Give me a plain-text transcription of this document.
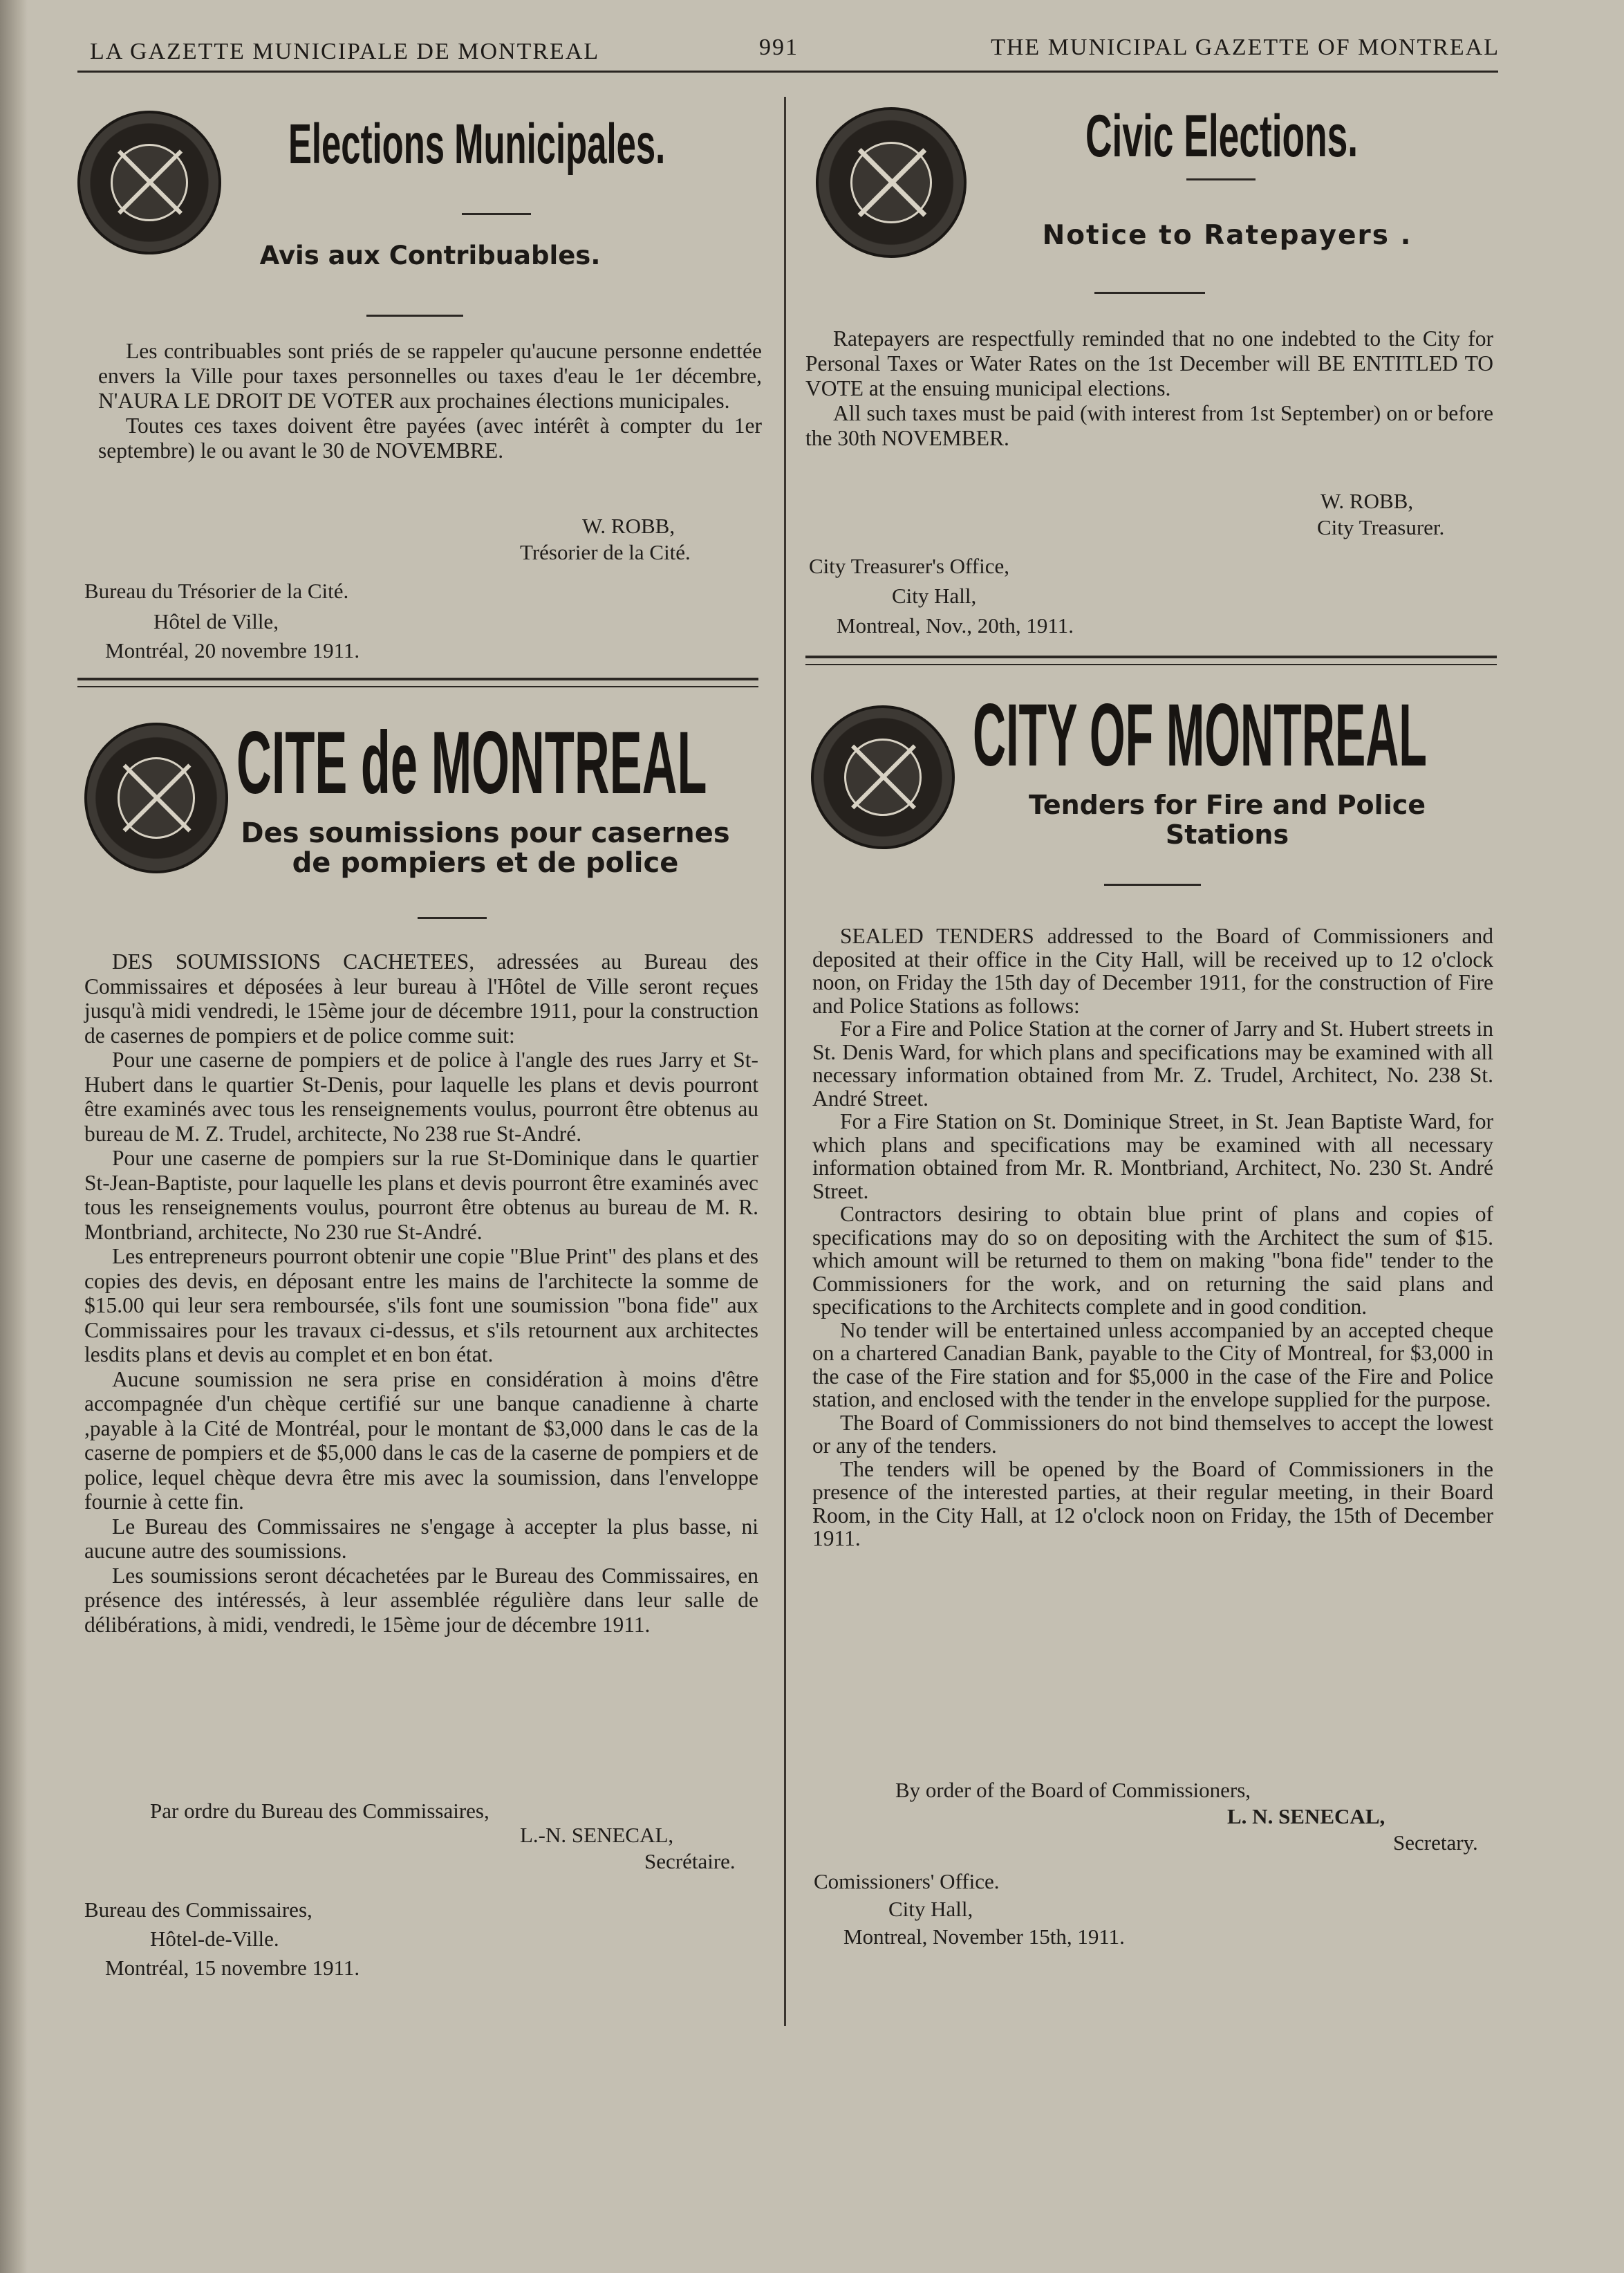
LA GAZETTE MUNICIPALE DE MONTREAL	991	THE MUNICIPAL GAZETTE OF MONTREAL
Elections Municipales.
Avis aux Contribuables.

Les contribuables sont priés de se rappeler qu'aucune personne endettée envers la Ville pour taxes personnelles ou taxes d'eau le 1er décembre, N'AURA LE DROIT DE VOTER aux prochaines élections municipales.

Toutes ces taxes doivent être payées (avec intérêt à compter du 1er septembre) le ou avant le 30 de NOVEMBRE.

W. ROBB,
Trésorier de la Cité.
Bureau du Trésorier de la Cité.
Hôtel de Ville,
Montréal, 20 novembre 1911.
Civic Elections.
Notice to Ratepayers .

Ratepayers are respectfully reminded that no one indebted to the City for Personal Taxes or Water Rates on the 1st December will BE ENTITLED TO VOTE at the ensuing municipal elections.

All such taxes must be paid (with interest from 1st September) on or before the 30th NOVEMBER.

W. ROBB,
City Treasurer.
City Treasurer's Office,
City Hall,
Montreal, Nov., 20th, 1911.
CITE de MONTREAL
Des soumissions pour casernes
de pompiers et de police

DES SOUMISSIONS CACHETEES, adressées au Bureau des Commissaires et déposées à leur bureau à l'Hôtel de Ville seront reçues jusqu'à midi vendredi, le 15ème jour de décembre 1911, pour la construction de casernes de pompiers et de police comme suit:

Pour une caserne de pompiers et de police à l'angle des rues Jarry et St-Hubert dans le quartier St-Denis, pour laquelle les plans et devis pourront être examinés avec tous les renseignements voulus, pourront être obtenus au bureau de M. Z. Trudel, architecte, No 238 rue St-André.

Pour une caserne de pompiers sur la rue St-Dominique dans le quartier St-Jean-Baptiste, pour laquelle les plans et devis pourront être examinés avec tous les renseignements voulus, pourront être obtenus au bureau de M. R. Montbriand, architecte, No 230 rue St-André.

Les entrepreneurs pourront obtenir une copie "Blue Print" des plans et des copies des devis, en déposant entre les mains de l'architecte la somme de $15.00 qui leur sera remboursée, s'ils font une soumission "bona fide" aux Commissaires pour les travaux ci-dessus, et s'ils retournent aux architectes lesdits plans et devis au complet et en bon état.

Aucune soumission ne sera prise en considération à moins d'être accompagnée d'un chèque certifié sur une banque canadienne à charte ,payable à la Cité de Montréal, pour le montant de $3,000 dans le cas de la caserne de pompiers et de $5,000 dans le cas de la caserne de pompiers et de police, lequel chèque devra être mis avec la soumission, dans l'enveloppe fournie à cette fin.

Le Bureau des Commissaires ne s'engage à accepter la plus basse, ni aucune autre des soumissions.

Les soumissions seront décachetées par le Bureau des Commissaires, en présence des intéressés, à leur assemblée régulière dans leur salle de délibérations, à midi, vendredi, le 15ème jour de décembre 1911.

Par ordre du Bureau des Commissaires,
L.-N. SENECAL,
Secrétaire.
Bureau des Commissaires,
Hôtel-de-Ville.
Montréal, 15 novembre 1911.
CITY OF MONTREAL
Tenders for Fire and Police
Stations

SEALED TENDERS addressed to the Board of Commissioners and deposited at their office in the City Hall, will be received up to 12 o'clock noon, on Friday the 15th day of December 1911, for the construction of Fire and Police Stations as follows:

For a Fire and Police Station at the corner of Jarry and St. Hubert streets in St. Denis Ward, for which plans and specifications may be examined with all necessary information obtained from Mr. Z. Trudel, Architect, No. 238 St. André Street.

For a Fire Station on St. Dominique Street, in St. Jean Baptiste Ward, for which plans and specifications may be examined with all necessary information obtained from Mr. R. Montbriand, Architect, No. 230 St. André Street.

Contractors desiring to obtain blue print of plans and copies of specifications may do so on depositing with the Architect the sum of $15. which amount will be returned to them on making "bona fide" tender to the Commissioners for the work, and on returning the said plans and specifications to the Architects complete and in good condition.

No tender will be entertained unless accompanied by an accepted cheque on a chartered Canadian Bank, payable to the City of Montreal, for $3,000 in the case of the Fire station and for $5,000 in the case of the Fire and Police station, and enclosed with the tender in the envelope supplied for the purpose.

The Board of Commissioners do not bind themselves to accept the lowest or any of the tenders.

The tenders will be opened by the Board of Commissioners in the presence of the interested parties, at their regular meeting, in their Board Room, in the City Hall, at 12 o'clock noon on Friday, the 15th of December 1911.

By order of the Board of Commissioners,
L. N. SENECAL,
Secretary.
Comissioners' Office.
City Hall,
Montreal, November 15th, 1911.
